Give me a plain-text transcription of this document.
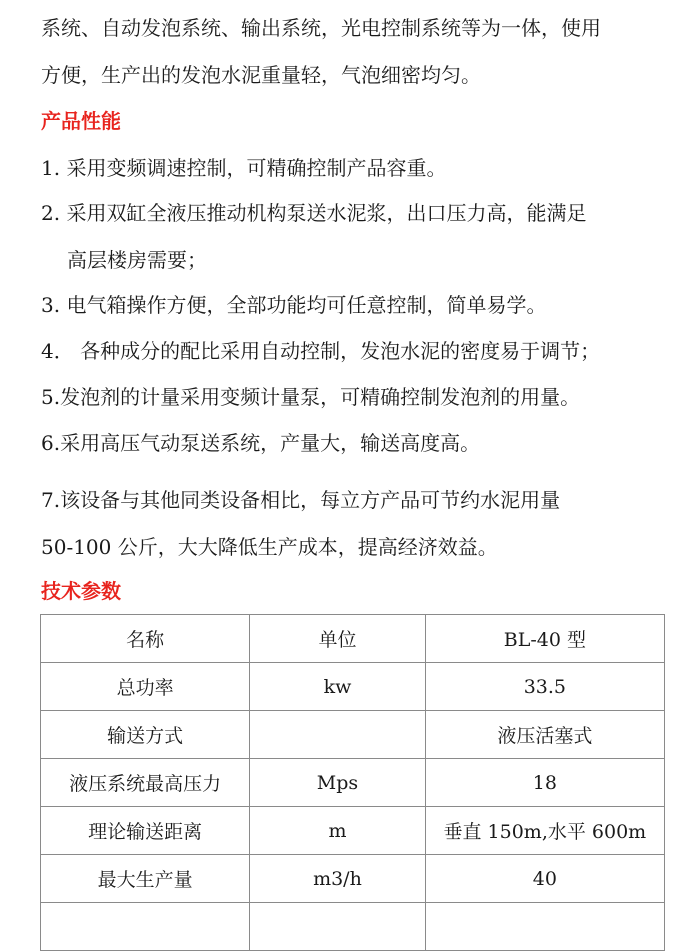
系统、自动发泡系统、输出系统，光电控制系统等为一体，使用
方便，生产出的发泡水泥重量轻，气泡细密均匀。
产品性能
1. 采用变频调速控制，可精确控制产品容重。
2. 采用双缸全液压推动机构泵送水泥浆，出口压力高，能满足
高层楼房需要；
3. 电气箱操作方便，全部功能均可任意控制，简单易学。
4． 各种成分的配比采用自动控制，发泡水泥的密度易于调节；
5.发泡剂的计量采用变频计量泵，可精确控制发泡剂的用量。
6.采用高压气动泵送系统，产量大，输送高度高。
7.该设备与其他同类设备相比，每立方产品可节约水泥用量
50-100 公斤，大大降低生产成本，提高经济效益。
技术参数
名称	单位	BL-40 型
总功率	kw	33.5
输送方式		液压活塞式
液压系统最高压力	Mps	18
理论输送距离	m	垂直 150m,水平 600m
最大生产量	m3/h	40
